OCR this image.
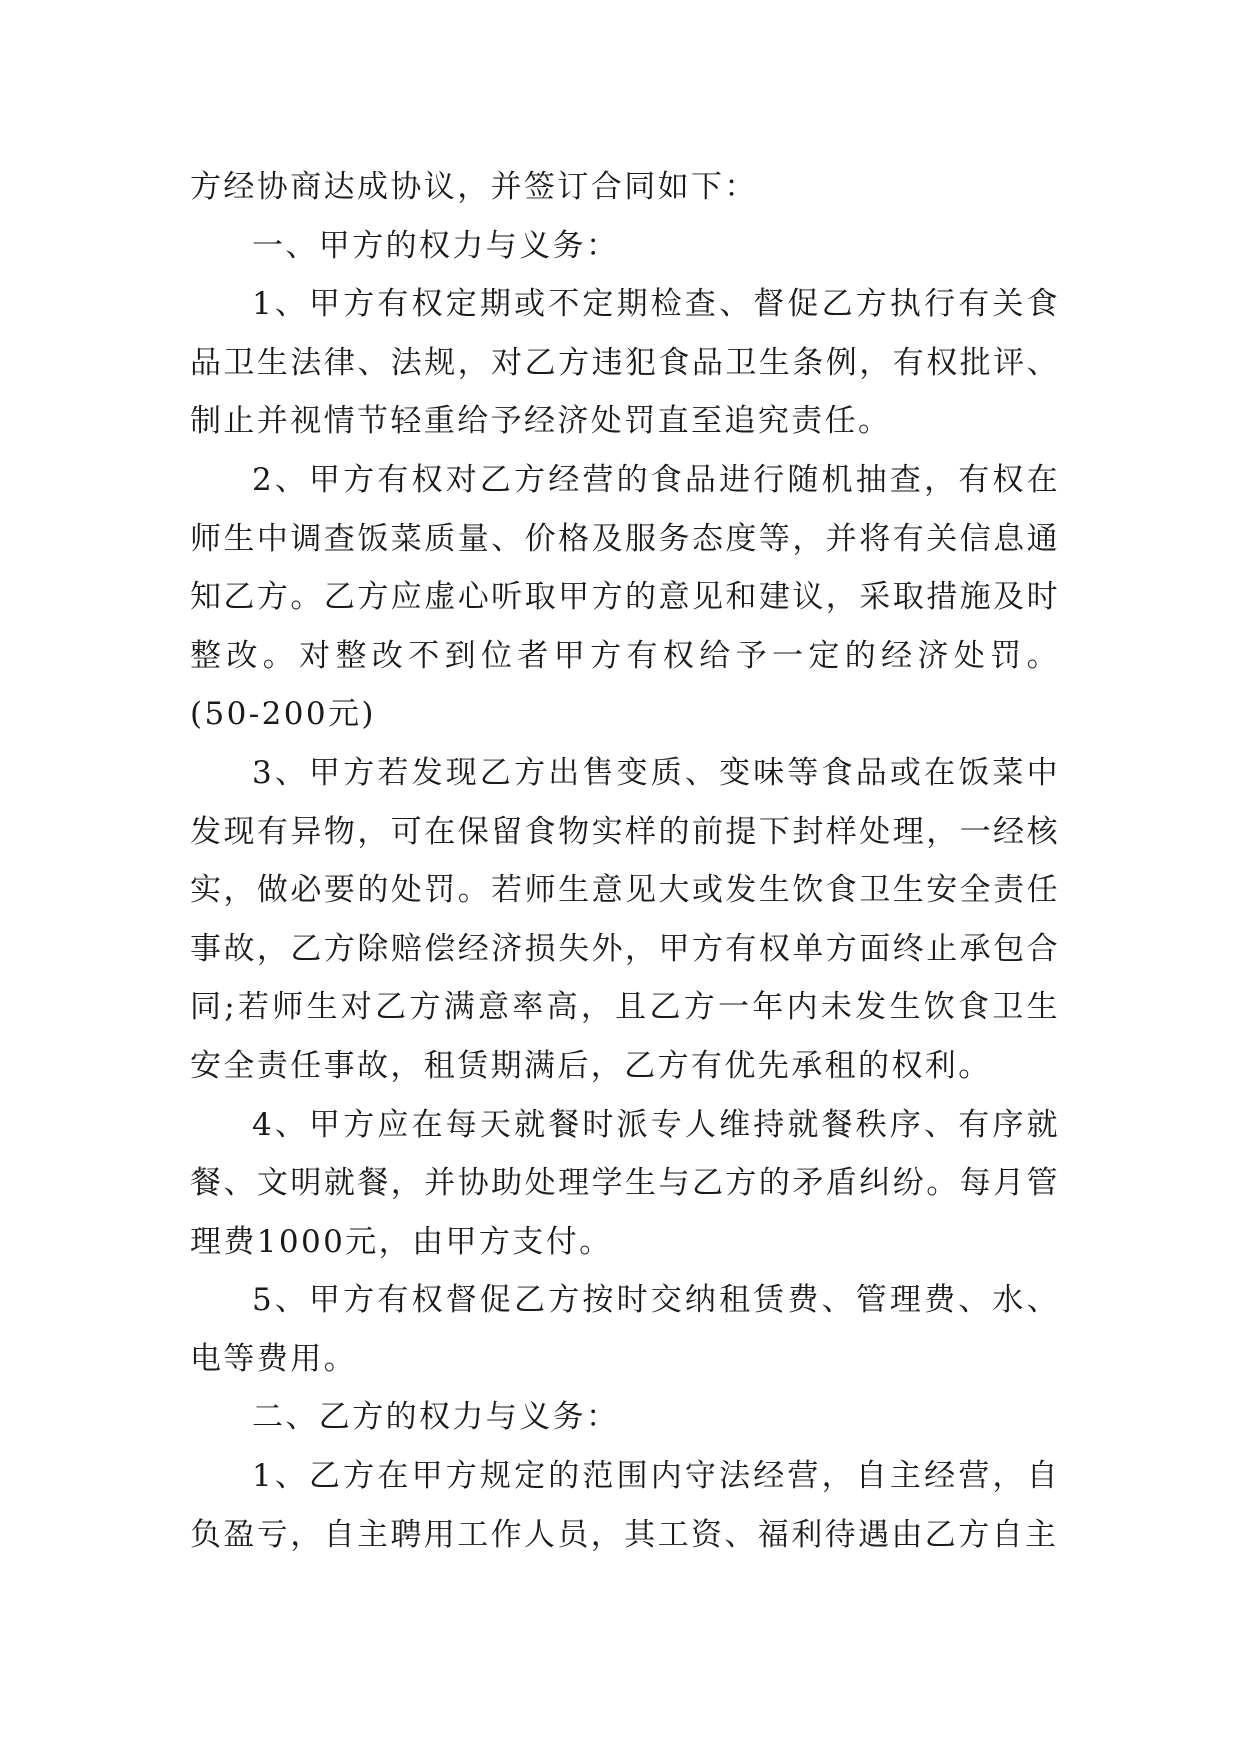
方经协商达成协议，并签订合同如下：

一、甲方的权力与义务：

1、甲方有权定期或不定期检查、督促乙方执行有关食品卫生法律、法规，对乙方违犯食品卫生条例，有权批评、制止并视情节轻重给予经济处罚直至追究责任。

2、甲方有权对乙方经营的食品进行随机抽查，有权在师生中调查饭菜质量、价格及服务态度等，并将有关信息通知乙方。乙方应虚心听取甲方的意见和建议，采取措施及时整改。对整改不到位者甲方有权给予一定的经济处罚。(50-200元)

3、甲方若发现乙方出售变质、变味等食品或在饭菜中发现有异物，可在保留食物实样的前提下封样处理，一经核实，做必要的处罚。若师生意见大或发生饮食卫生安全责任事故，乙方除赔偿经济损失外，甲方有权单方面终止承包合同;若师生对乙方满意率高，且乙方一年内未发生饮食卫生安全责任事故，租赁期满后，乙方有优先承租的权利。

4、甲方应在每天就餐时派专人维持就餐秩序、有序就餐、文明就餐，并协助处理学生与乙方的矛盾纠纷。每月管理费1000元，由甲方支付。

5、甲方有权督促乙方按时交纳租赁费、管理费、水、电等费用。

二、乙方的权力与义务：

1、乙方在甲方规定的范围内守法经营，自主经营，自负盈亏，自主聘用工作人员，其工资、福利待遇由乙方自主
